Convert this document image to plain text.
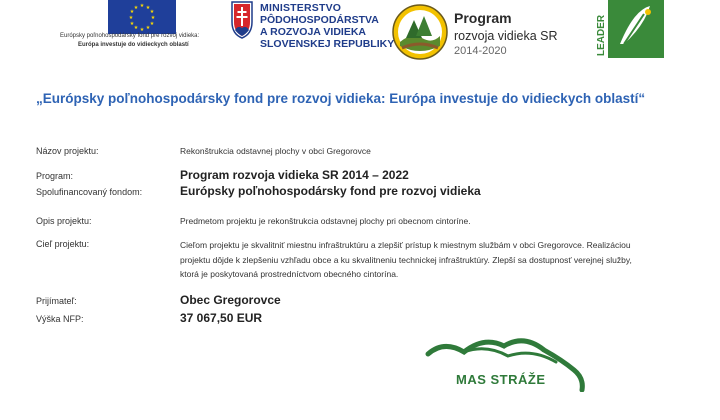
★ ★
★
★
★
★
★
★
★
★
★
★
Európsky poľnohospodársky fond pre rozvoj vidieka:
Európa investuje do vidieckych oblastí
MINISTERSTVO
PÔDOHOSPODÁRSTVA
A ROZVOJA VIDIEKA
SLOVENSKEJ REPUBLIKY
Program
rozvoja vidieka SR
2014-2020	LEADER
„Európsky poľnohospodársky fond pre rozvoj vidieka: Európa investuje do vidieckych oblastí“
Názov projektu:	Rekonštrukcia odstavnej plochy v obci Gregorovce
Program:	Program rozvoja vidieka SR 2014 – 2022
Spolufinancovaný fondom:	Európsky poľnohospodársky fond pre rozvoj vidieka
Opis projektu:	Predmetom projektu je rekonštrukcia odstavnej plochy pri obecnom cintoríne.
Cieľ projektu:	Cieľom projektu je skvalitniť miestnu infraštruktúru a zlepšiť prístup k miestnym službám v obci Gregorovce. Realizáciou
projektu dôjde k zlepšeniu vzhľadu obce a ku skvalitneniu technickej infraštruktúry. Zlepší sa dostupnosť verejnej služby,
ktorá je poskytovaná prostredníctvom obecného cintorína.
Prijímateľ:	Obec Gregorovce
Výška NFP:	37 067,50 EUR
MAS STRÁŽE
